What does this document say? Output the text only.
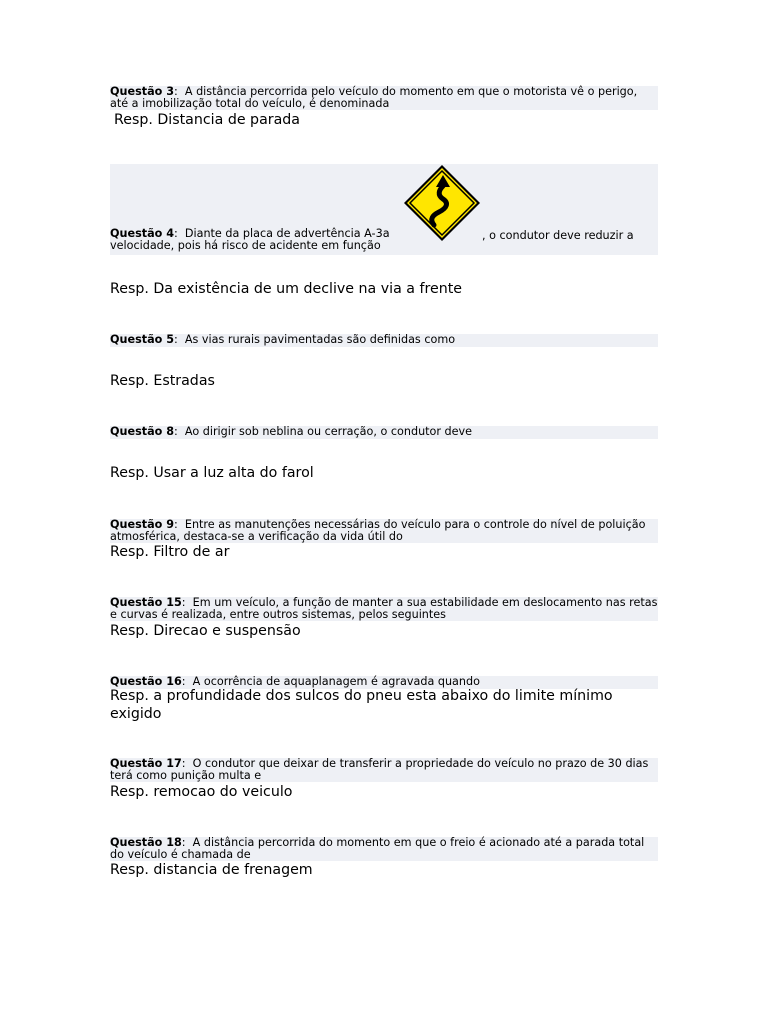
Questão 3:  A distância percorrida pelo veículo do momento em que o motorista vê o perigo, até a imobilização total do veículo, é denominada
Resp. Distancia de parada
Questão 4:  Diante da placa de advertência A-3a
velocidade, pois há risco de acidente em função
, o condutor deve reduzir a
Resp. Da existência de um declive na via a frente
Questão 5:  As vias rurais pavimentadas são definidas como
Resp. Estradas
Questão 8:  Ao dirigir sob neblina ou cerração, o condutor deve
Resp. Usar a luz alta do farol
Questão 9:  Entre as manutenções necessárias do veículo para o controle do nível de poluição atmosférica, destaca-se a verificação da vida útil do
Resp. Filtro de ar
Questão 15:  Em um veículo, a função de manter a sua estabilidade em deslocamento nas retas e curvas é realizada, entre outros sistemas, pelos seguintes
Resp. Direcao e suspensão
Questão 16:  A ocorrência de aquaplanagem é agravada quando
Resp. a profundidade dos sulcos do pneu esta abaixo do limite mínimo exigido
Questão 17:  O condutor que deixar de transferir a propriedade do veículo no prazo de 30 dias terá como punição multa e
Resp. remocao do veiculo
Questão 18:  A distância percorrida do momento em que o freio é acionado até a parada total do veículo é chamada de
Resp. distancia de frenagem
